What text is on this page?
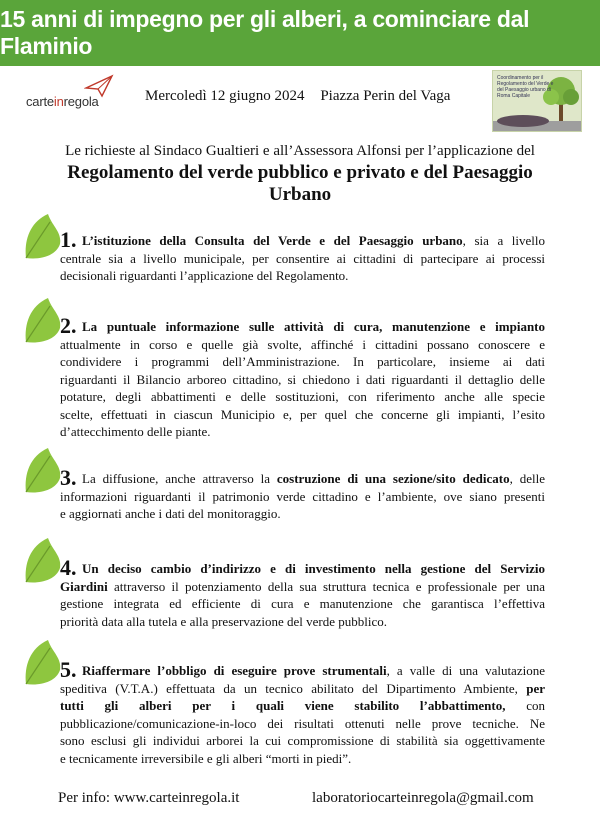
15 anni di impegno per gli alberi, a cominciare dal Flaminio
carteinregola	Mercoledì 12 giugno 2024 Piazza Perin del Vaga
Coordinamento per il Regolamento del Verde e del Paesaggio urbano di Roma Capitale
Le richieste al Sindaco Gualtieri e all’Assessora Alfonsi per l’applicazione del
Regolamento del verde pubblico e privato e del Paesaggio Urbano
1. L’istituzione della Consulta del Verde e del Paesaggio urbano, sia a livello
centrale sia a livello municipale, per consentire ai cittadini di partecipare ai processi
decisionali riguardanti l’applicazione del Regolamento.
2. La puntuale informazione sulle attività di cura, manutenzione e impianto
attualmente in corso e quelle già svolte, affinché i cittadini possano conoscere e
condividere i programmi dell’Amministrazione. In particolare, insieme ai dati
riguardanti il Bilancio arboreo cittadino, si chiedono i dati riguardanti il dettaglio delle
potature, degli abbattimenti e delle sostituzioni, con riferimento anche alle specie
scelte, effettuati in ciascun Municipio e, per quel che concerne gli impianti, l’esito
d’attecchimento delle piante.
3. La diffusione, anche attraverso la costruzione di una sezione/sito dedicato, delle
informazioni riguardanti il patrimonio verde cittadino e l’ambiente, ove siano presenti
e aggiornati anche i dati del monitoraggio.
4. Un deciso cambio d’indirizzo e di investimento nella gestione del Servizio
Giardini attraverso il potenziamento della sua struttura tecnica e professionale per una
gestione integrata ed efficiente di cura e manutenzione che garantisca l’effettiva
priorità data alla tutela e alla preservazione del verde pubblico.
5. Riaffermare l’obbligo di eseguire prove strumentali, a valle di una valutazione
speditiva (V.T.A.) effettuata da un tecnico abilitato del Dipartimento Ambiente, per
tutti gli alberi per i quali viene stabilito l’abbattimento, con
pubblicazione/comunicazione-in-loco dei risultati ottenuti nelle prove tecniche. Ne
sono esclusi gli individui arborei la cui compromissione di stabilità sia oggettivamente
e tecnicamente irreversibile e gli alberi “morti in piedi”.
Per info: www.carteinregola.it	laboratoriocarteinregola@gmail.com
